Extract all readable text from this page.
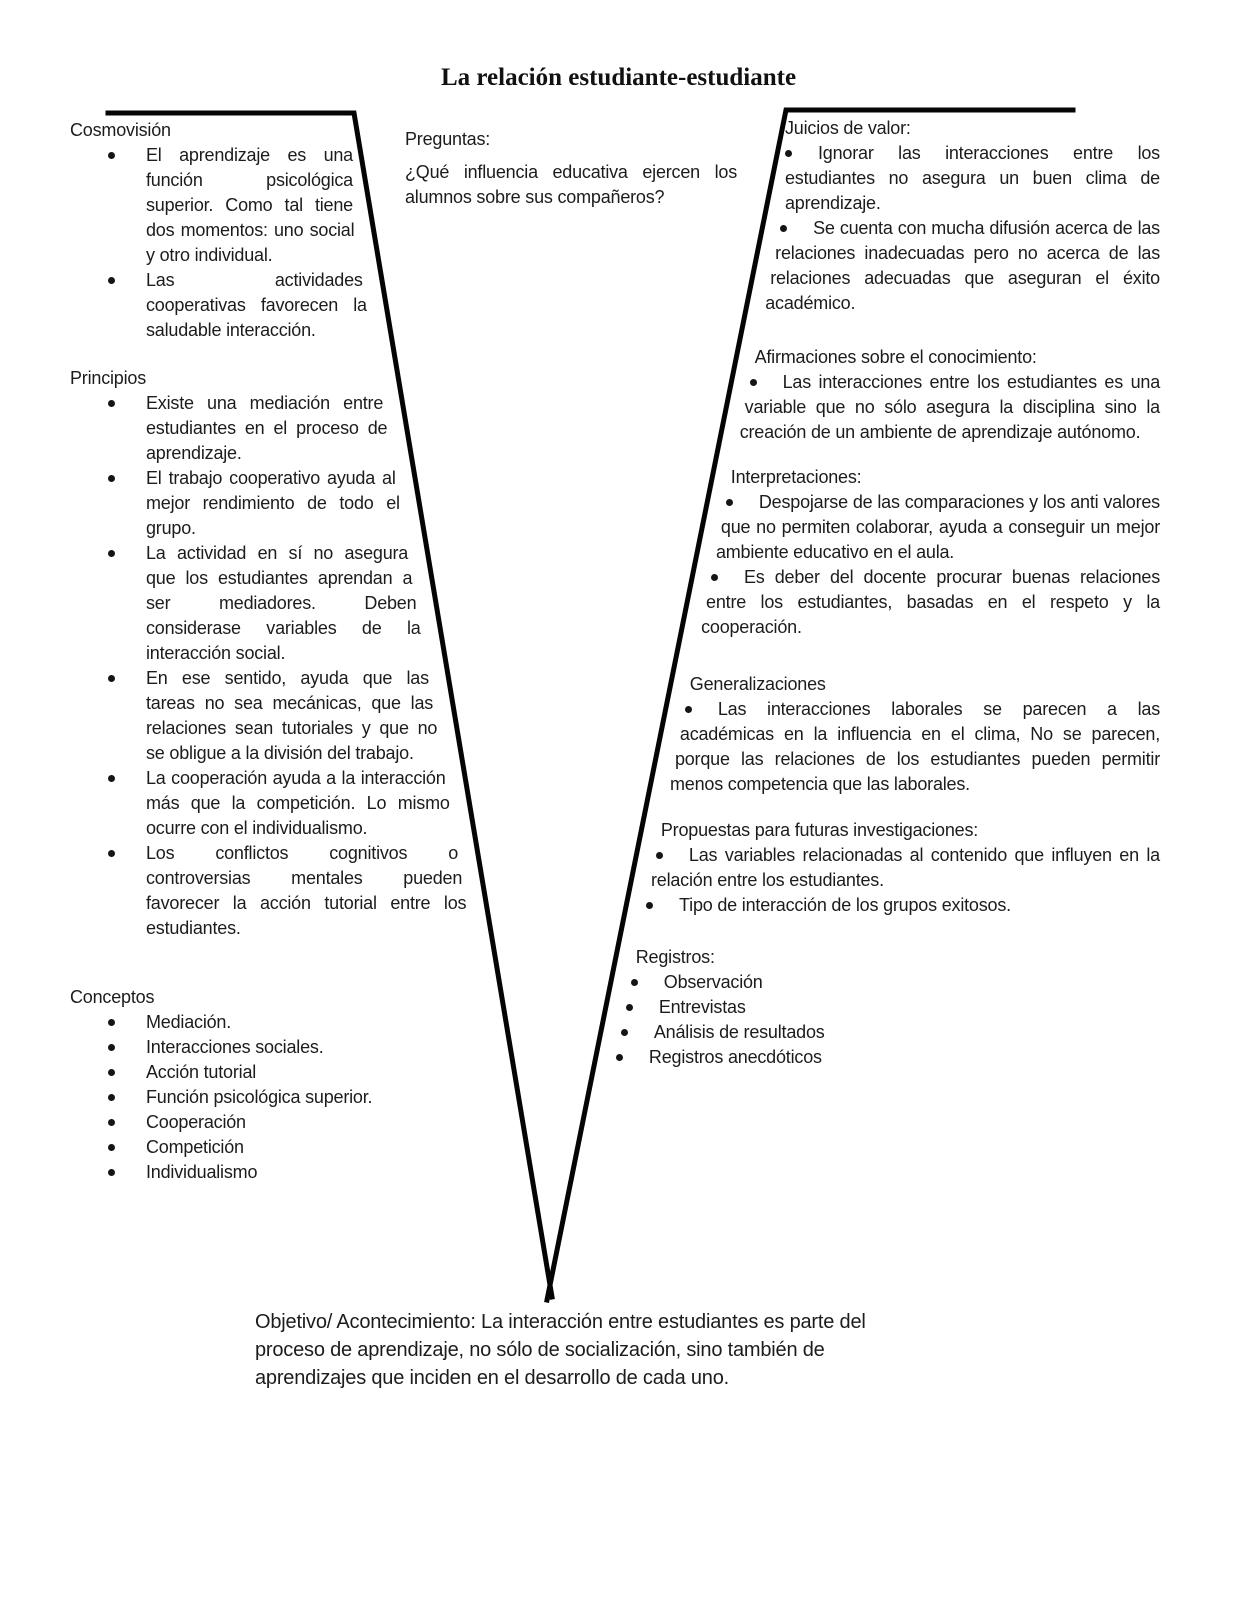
La relación estudiante-estudiante
Cosmovisión
El aprendizaje es una función psicológica superior. Como tal tiene dos momentos: uno social y otro individual.
Las actividades cooperativas favorecen la saludable interacción.
Principios
Existe una mediación entre estudiantes en el proceso de aprendizaje.
El trabajo cooperativo ayuda al mejor rendimiento de todo el grupo.
La actividad en sí no asegura que los estudiantes aprendan a ser mediadores. Deben considerase variables de la interacción social.
En ese sentido, ayuda que las tareas no sea mecánicas, que las relaciones sean tutoriales y que no se obligue a la división del trabajo.
La cooperación ayuda a la interacción más que la competición. Lo mismo ocurre con el individualismo.
Los conflictos cognitivos o controversias mentales pueden favorecer la acción tutorial entre los estudiantes.
Conceptos
Mediación.
Interacciones sociales.
Acción tutorial
Función psicológica superior.
Cooperación
Competición
Individualismo
Preguntas:
¿Qué influencia educativa ejercen los alumnos sobre sus compañeros?
Juicios de valor:
Ignorar las interacciones entre los estudiantes no asegura un buen clima de aprendizaje.
Se cuenta con mucha difusión acerca de las relaciones inadecuadas pero no acerca de las relaciones adecuadas que aseguran el éxito académico.
Afirmaciones sobre el conocimiento:
Las interacciones entre los estudiantes es una variable que no sólo asegura la disciplina sino la creación de un ambiente de aprendizaje autónomo.
Interpretaciones:
Despojarse de las comparaciones y los anti valores que no permiten colaborar, ayuda a conseguir un mejor ambiente educativo en el aula.
Es deber del docente procurar buenas relaciones entre los estudiantes, basadas en el respeto y la cooperación.
Generalizaciones
Las interacciones laborales se parecen a las académicas en la influencia en el clima, No se parecen, porque las relaciones de los estudiantes pueden permitir menos competencia que las laborales.
Propuestas para futuras investigaciones:
Las variables relacionadas al contenido que influyen en la relación entre los estudiantes.
Tipo de interacción de los grupos exitosos.
Registros:
Observación
Entrevistas
Análisis de resultados
Registros anecdóticos
Objetivo/ Acontecimiento: La interacción entre estudiantes es parte del proceso de aprendizaje, no sólo de socialización, sino también de aprendizajes que inciden en el desarrollo de cada uno.
